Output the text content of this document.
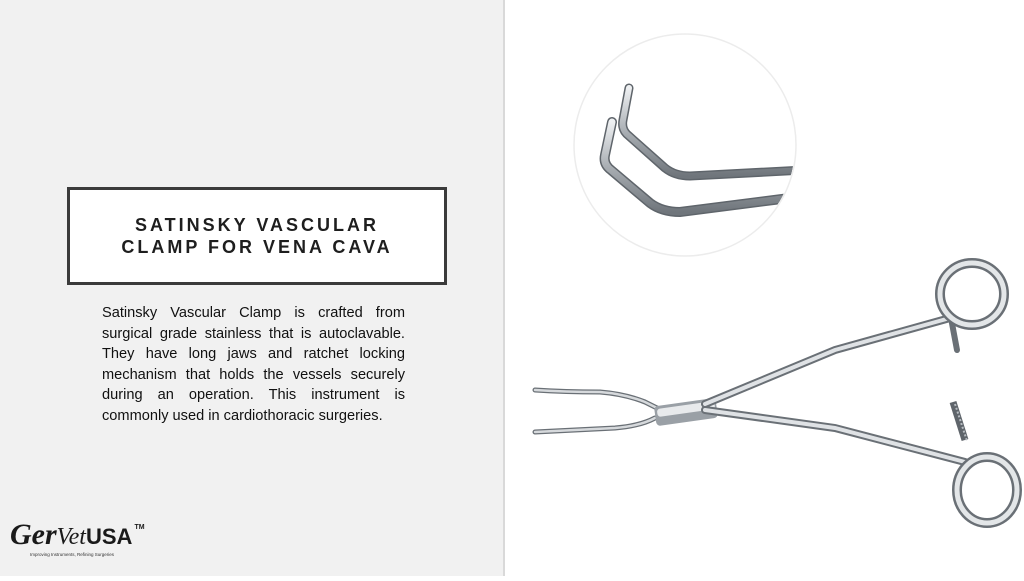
SATINSKY VASCULAR
CLAMP FOR VENA CAVA
Satinsky Vascular Clamp is crafted from surgical grade stainless that is autoclavable. They have long jaws and ratchet locking mechanism that holds the vessels securely during an operation. This instrument is commonly used in cardiothoracic surgeries.
Ger Vet USA TM
Improving Instruments, Refining Surgeries
